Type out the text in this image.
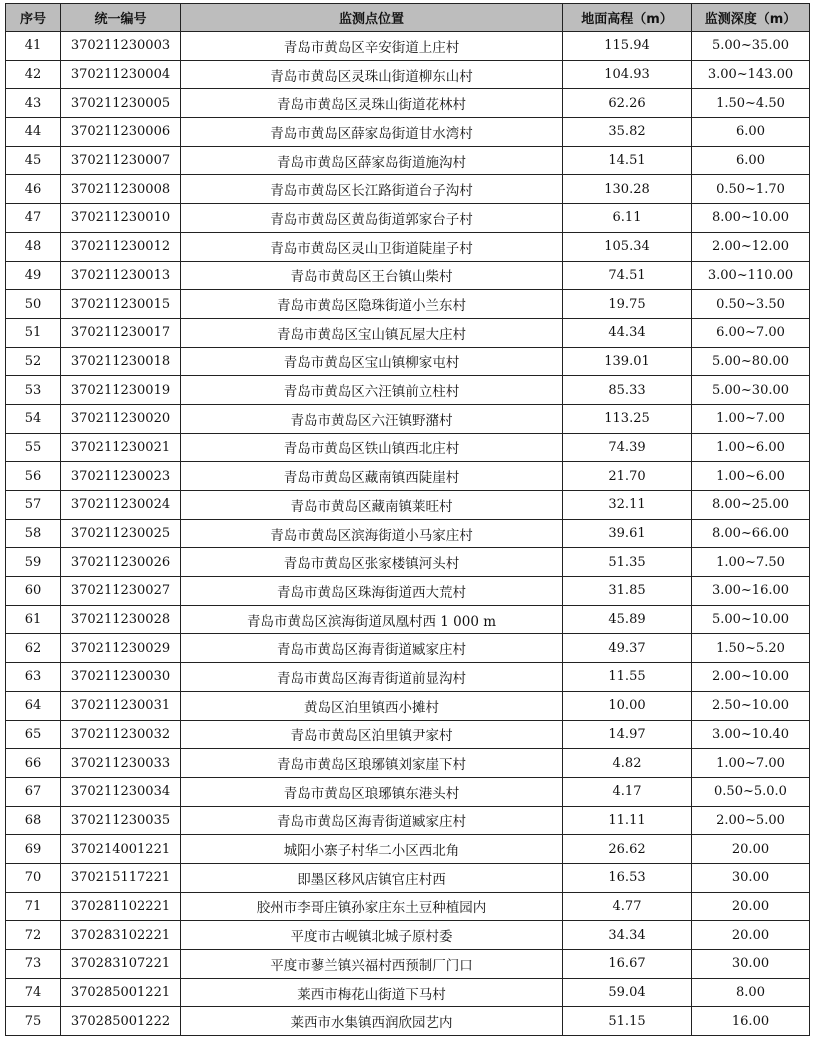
序号	统一编号	监测点位置	地面高程（m）	监测深度（m）
41	370211230003	青岛市黄岛区辛安街道上庄村	115.94	5.00~35.00
42	370211230004	青岛市黄岛区灵珠山街道柳东山村	104.93	3.00~143.00
43	370211230005	青岛市黄岛区灵珠山街道花林村	62.26	1.50~4.50
44	370211230006	青岛市黄岛区薛家岛街道甘水湾村	35.82	6.00
45	370211230007	青岛市黄岛区薛家岛街道施沟村	14.51	6.00
46	370211230008	青岛市黄岛区长江路街道台子沟村	130.28	0.50~1.70
47	370211230010	青岛市黄岛区黄岛街道郭家台子村	6.11	8.00~10.00
48	370211230012	青岛市黄岛区灵山卫街道陡崖子村	105.34	2.00~12.00
49	370211230013	青岛市黄岛区王台镇山柴村	74.51	3.00~110.00
50	370211230015	青岛市黄岛区隐珠街道小兰东村	19.75	0.50~3.50
51	370211230017	青岛市黄岛区宝山镇瓦屋大庄村	44.34	6.00~7.00
52	370211230018	青岛市黄岛区宝山镇柳家屯村	139.01	5.00~80.00
53	370211230019	青岛市黄岛区六汪镇前立柱村	85.33	5.00~30.00
54	370211230020	青岛市黄岛区六汪镇野潴村	113.25	1.00~7.00
55	370211230021	青岛市黄岛区铁山镇西北庄村	74.39	1.00~6.00
56	370211230023	青岛市黄岛区藏南镇西陡崖村	21.70	1.00~6.00
57	370211230024	青岛市黄岛区藏南镇莱旺村	32.11	8.00~25.00
58	370211230025	青岛市黄岛区滨海街道小马家庄村	39.61	8.00~66.00
59	370211230026	青岛市黄岛区张家楼镇河头村	51.35	1.00~7.50
60	370211230027	青岛市黄岛区珠海街道西大荒村	31.85	3.00~16.00
61	370211230028	青岛市黄岛区滨海街道凤凰村西 1 000 m	45.89	5.00~10.00
62	370211230029	青岛市黄岛区海青街道臧家庄村	49.37	1.50~5.20
63	370211230030	青岛市黄岛区海青街道前显沟村	11.55	2.00~10.00
64	370211230031	黄岛区泊里镇西小摊村	10.00	2.50~10.00
65	370211230032	青岛市黄岛区泊里镇尹家村	14.97	3.00~10.40
66	370211230033	青岛市黄岛区琅琊镇刘家崖下村	4.82	1.00~7.00
67	370211230034	青岛市黄岛区琅琊镇东港头村	4.17	0.50~5.0.0
68	370211230035	青岛市黄岛区海青街道臧家庄村	11.11	2.00~5.00
69	370214001221	城阳小寨子村华二小区西北角	26.62	20.00
70	370215117221	即墨区移风店镇官庄村西	16.53	30.00
71	370281102221	胶州市李哥庄镇孙家庄东土豆种植园内	4.77	20.00
72	370283102221	平度市古岘镇北城子原村委	34.34	20.00
73	370283107221	平度市蓼兰镇兴福村西预制厂门口	16.67	30.00
74	370285001221	莱西市梅花山街道下马村	59.04	8.00
75	370285001222	莱西市水集镇西润欣园艺内	51.15	16.00
